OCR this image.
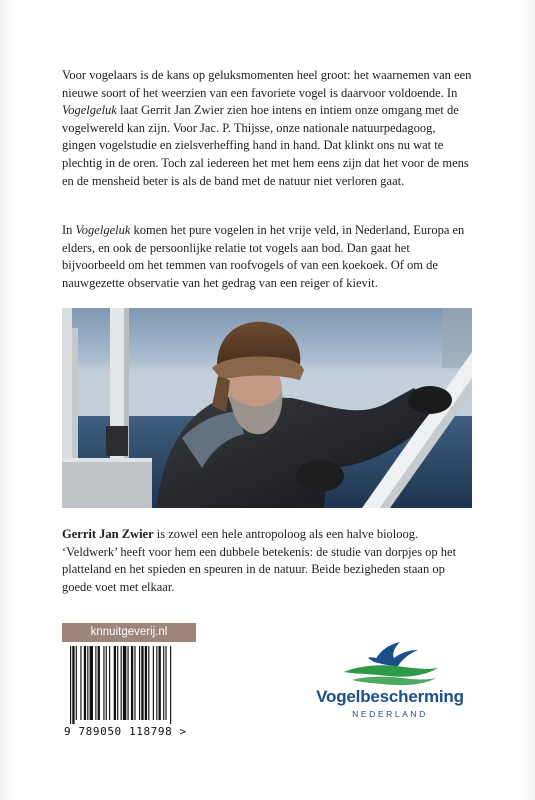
Voor vogelaars is de kans op geluksmomenten heel groot: het waarnemen van een nieuwe soort of het weerzien van een favoriete vogel is daarvoor voldoende. In Vogelgeluk laat Gerrit Jan Zwier zien hoe intens en intiem onze omgang met de vogelwereld kan zijn. Voor Jac. P. Thijsse, onze nationale natuurpedagoog, gingen vogelstudie en zielsverheffing hand in hand. Dat klinkt ons nu wat te plechtig in de oren. Toch zal iedereen het met hem eens zijn dat het voor de mens en de mensheid beter is als de band met de natuur niet verloren gaat.

In Vogelgeluk komen het pure vogelen in het vrije veld, in Nederland, Europa en elders, en ook de persoonlijke relatie tot vogels aan bod. Dan gaat het bijvoorbeeld om het temmen van roofvogels of van een koekoek. Of om de nauwgezette observatie van het gedrag van een reiger of kievit.

Gerrit Jan Zwier is zowel een hele antropoloog als een halve bioloog. ‘Veldwerk’ heeft voor hem een dubbele betekenis: de studie van dorpjes op het platteland en het spieden en speuren in de natuur. Beide bezigheden staan op goede voet met elkaar.

knnuitgeverij.nl
9 789050 118798 >
Vogelbescherming
NEDERLAND
